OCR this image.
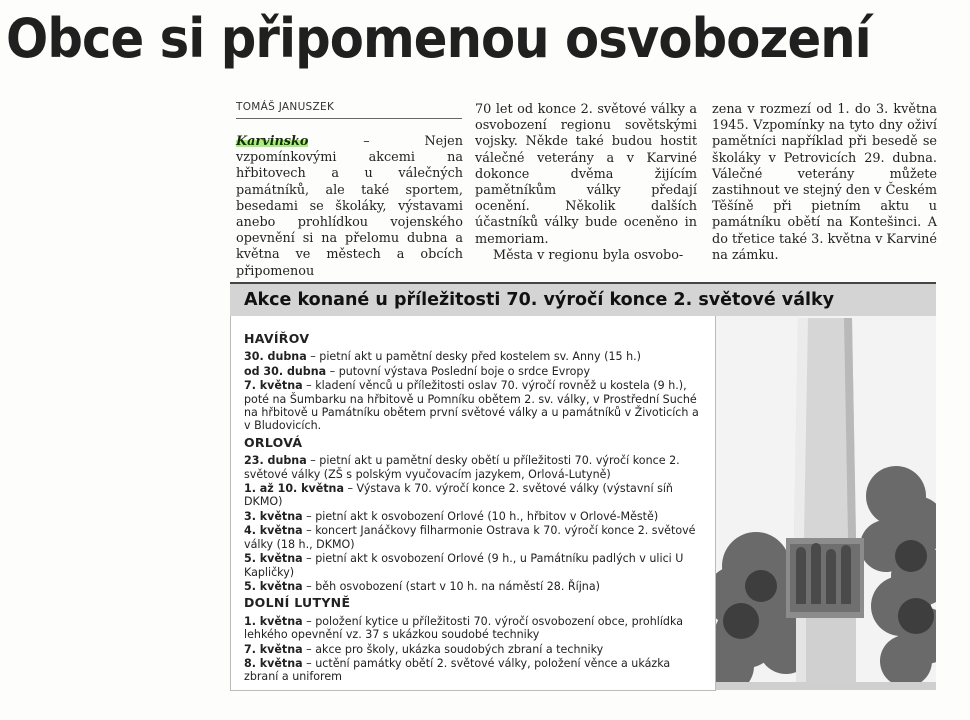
Obce si připomenou osvobození
TOMÁŠ JANUSZEK

Karvinsko – Nejen vzpomínkovými akcemi na hřbitovech a u válečných památníků, ale také sportem, besedami se školáky, výstavami anebo prohlídkou vojenského opevnění si na přelomu dubna a května ve městech a obcích připomenou

70 let od konce 2. světové války a osvobození regionu sovětskými vojsky. Někde také budou hostit válečné veterány a v Karviné dokonce dvěma žijícím pamětníkům války předají ocenění. Několik dalších účastníků války bude oceněno in memoriam.

Města v regionu byla osvobo-

zena v rozmezí od 1. do 3. května 1945. Vzpomínky na tyto dny oživí pamětníci například při besedě se školáky v Petrovicích 29. dubna. Válečné veterány můžete zastihnout ve stejný den v Českém Těšíně při pietním aktu u památníku obětí na Kontešinci. A do třetice také 3. května v Karviné na zámku.

Akce konané u příležitosti 70. výročí konce 2. světové války
HAVÍŘOV
30. dubna – pietní akt u pamětní desky před kostelem sv. Anny (15 h.)
od 30. dubna – putovní výstava Poslední boje o srdce Evropy
7. května – kladení věnců u příležitosti oslav 70. výročí rovněž u kostela (9 h.), poté na Šumbarku na hřbitově u Pomníku obětem 2. sv. války, v Prostřední Suché na hřbitově u Památníku obětem první světové války a u památníků v Životicích a v Bludovicích.
ORLOVÁ
23. dubna – pietní akt u pamětní desky obětí u příležitosti 70. výročí konce 2. světové války (ZŠ s polským vyučovacím jazykem, Orlová-Lutyně)
1. až 10. května – Výstava k 70. výročí konce 2. světové války (výstavní síň DKMO)
3. května – pietní akt k osvobození Orlové (10 h., hřbitov v Orlové-Městě)
4. května – koncert Janáčkovy filharmonie Ostrava k 70. výročí konce 2. světové války (18 h., DKMO)
5. května – pietní akt k osvobození Orlové (9 h., u Památníku padlých v ulici U Kapličky)
5. května – běh osvobození (start v 10 h. na náměstí 28. Října)
DOLNÍ LUTYNĚ
1. května – položení kytice u příležitosti 70. výročí osvobození obce, prohlídka lehkého opevnění vz. 37 s ukázkou soudobé techniky
7. května – akce pro školy, ukázka soudobých zbraní a techniky
8. května – uctění památky obětí 2. světové války, položení věnce a ukázka zbraní a uniforem
